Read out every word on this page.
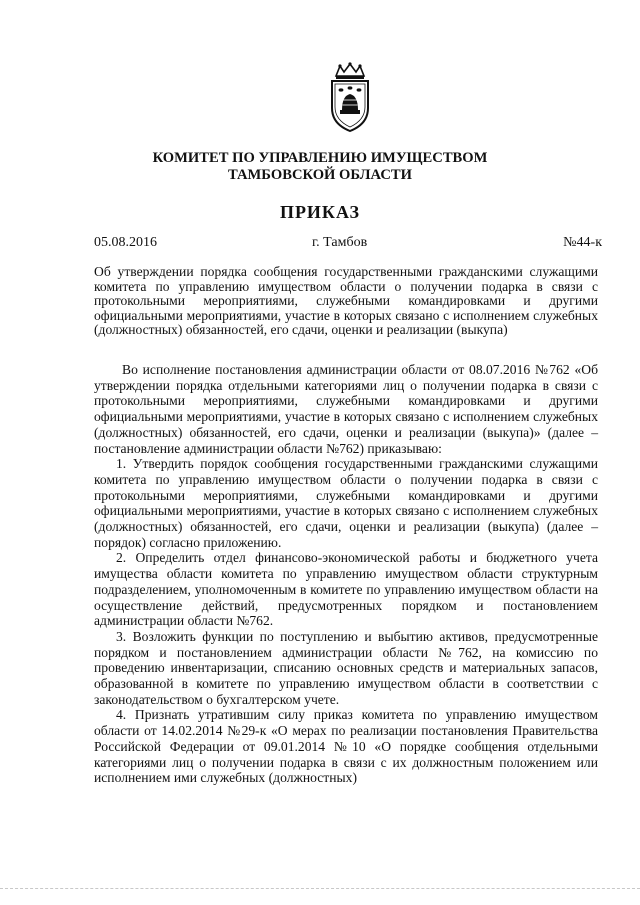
КОМИТЕТ ПО УПРАВЛЕНИЮ ИМУЩЕСТВОМ

ТАМБОВСКОЙ ОБЛАСТИ

ПРИКАЗ

05.08.2016	г. Тамбов	№44-к

Об утверждении порядка сообщения государственными гражданскими служащими комитета по управлению имуществом области о получении подарка в связи с протокольными мероприятиями, служебными командировками и другими официальными мероприятиями, участие в которых связано с исполнением служебных (должностных) обязанностей, его сдачи, оценки и реализации (выкупа)

Во исполнение постановления администрации области от 08.07.2016 №762 «Об утверждении порядка отдельными категориями лиц о получении подарка в связи с протокольными мероприятиями, служебными командировками и другими официальными мероприятиями, участие в которых связано с исполнением служебных (должностных) обязанностей, его сдачи, оценки и реализации (выкупа)» (далее – постановление администрации области №762) приказываю:

1. Утвердить порядок сообщения государственными гражданскими служащими комитета по управлению имуществом области о получении подарка в связи с протокольными мероприятиями, служебными командировками и другими официальными мероприятиями, участие в которых связано с исполнением служебных (должностных) обязанностей, его сдачи, оценки и реализации (выкупа) (далее – порядок) согласно приложению.

2. Определить отдел финансово-экономической работы и бюджетного учета имущества области комитета по управлению имуществом области структурным подразделением, уполномоченным в комитете по управлению имуществом области на осуществление действий, предусмотренных порядком и постановлением администрации области №762.

3. Возложить функции по поступлению и выбытию активов, предусмотренные порядком и постановлением администрации области №762, на комиссию по проведению инвентаризации, списанию основных средств и материальных запасов, образованной в комитете по управлению имуществом области в соответствии с законодательством о бухгалтерском учете.

4. Признать утратившим силу приказ комитета по управлению имуществом области от 14.02.2014 №29-к «О мерах по реализации постановления Правительства Российской Федерации от 09.01.2014 №10 «О порядке сообщения отдельными категориями лиц о получении подарка в связи с их должностным положением или исполнением ими служебных (должностных)
